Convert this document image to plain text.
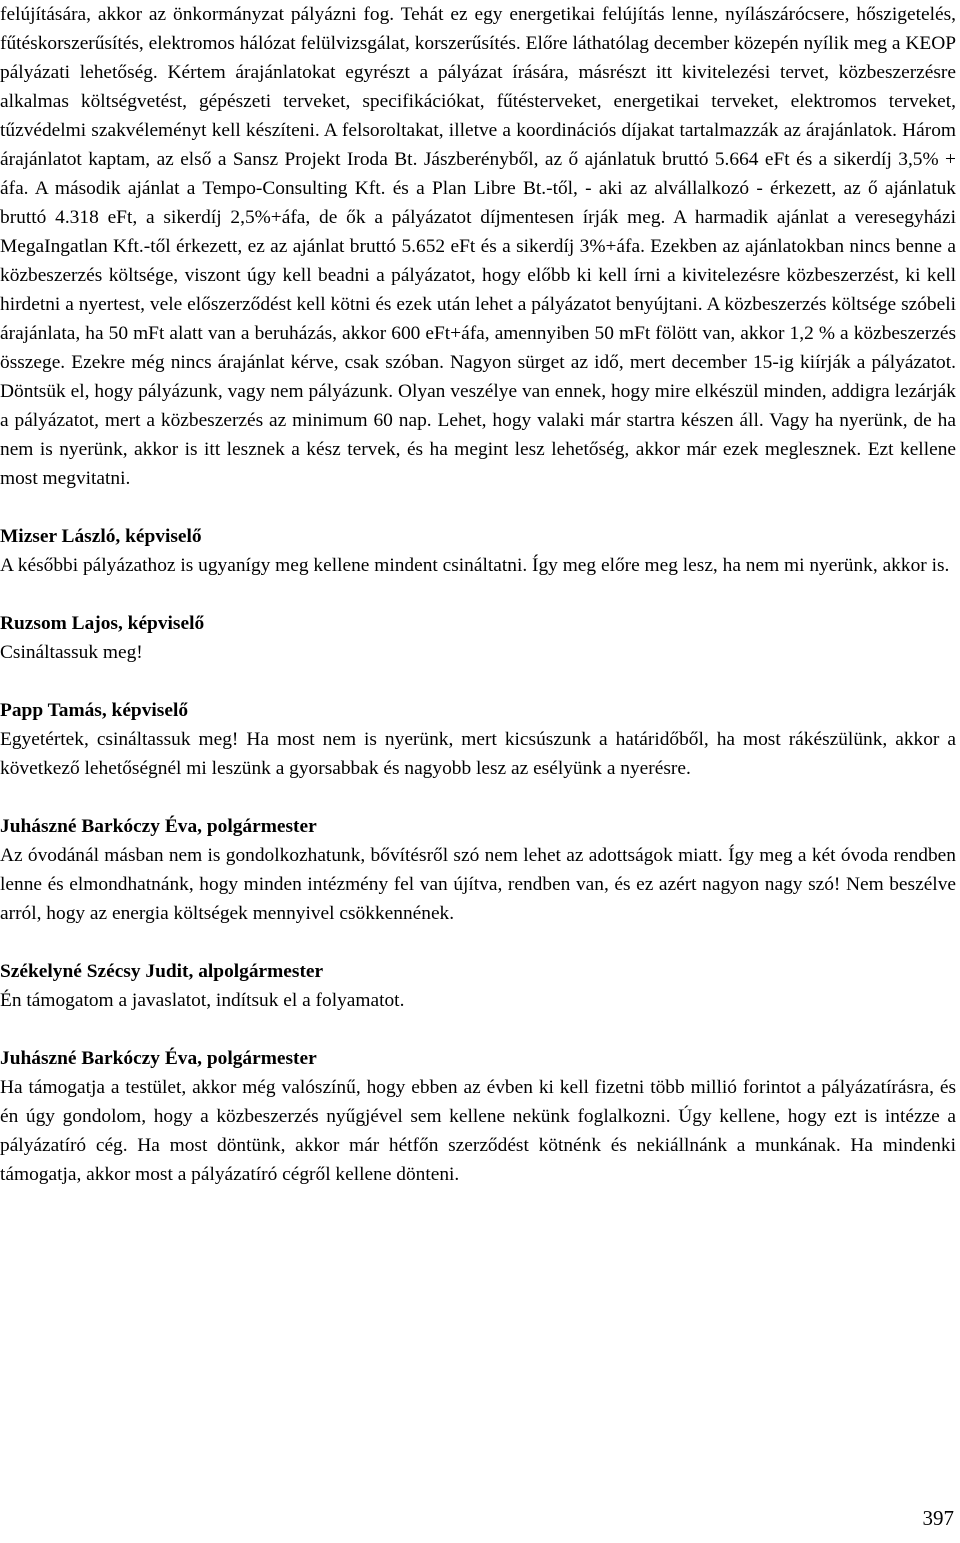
felújítására, akkor az önkormányzat pályázni fog. Tehát ez egy energetikai felújítás lenne, nyílászárócsere, hőszigetelés, fűtéskorszerűsítés, elektromos hálózat felülvizsgálat, korszerűsítés. Előre láthatólag december közepén nyílik meg a KEOP pályázati lehetőség. Kértem árajánlatokat egyrészt a pályázat írására, másrészt itt kivitelezési tervet, közbeszerzésre alkalmas költségvetést, gépészeti terveket, specifikációkat, fűtésterveket, energetikai terveket, elektromos terveket, tűzvédelmi szakvéleményt kell készíteni. A felsoroltakat, illetve a koordinációs díjakat tartalmazzák az árajánlatok. Három árajánlatot kaptam, az első a Sansz Projekt Iroda Bt. Jászberényből, az ő ajánlatuk bruttó 5.664 eFt és a sikerdíj 3,5% + áfa. A második ajánlat a Tempo-Consulting Kft. és a Plan Libre Bt.-től, - aki az alvállalkozó - érkezett, az ő ajánlatuk bruttó 4.318 eFt, a sikerdíj 2,5%+áfa, de ők a pályázatot díjmentesen írják meg. A harmadik ajánlat a veresegyházi MegaIngatlan Kft.-től érkezett, ez az ajánlat bruttó 5.652 eFt és a sikerdíj 3%+áfa. Ezekben az ajánlatokban nincs benne a közbeszerzés költsége, viszont úgy kell beadni a pályázatot, hogy előbb ki kell írni a kivitelezésre közbeszerzést, ki kell hirdetni a nyertest, vele előszerződést kell kötni és ezek után lehet a pályázatot benyújtani. A közbeszerzés költsége szóbeli árajánlata, ha 50 mFt alatt van a beruházás, akkor 600 eFt+áfa, amennyiben 50 mFt fölött van, akkor 1,2 % a közbeszerzés összege. Ezekre még nincs árajánlat kérve, csak szóban. Nagyon sürget az idő, mert december 15-ig kiírják a pályázatot. Döntsük el, hogy pályázunk, vagy nem pályázunk. Olyan veszélye van ennek, hogy mire elkészül minden, addigra lezárják a pályázatot, mert a közbeszerzés az minimum 60 nap. Lehet, hogy valaki már startra készen áll. Vagy ha nyerünk, de ha nem is nyerünk, akkor is itt lesznek a kész tervek, és ha megint lesz lehetőség, akkor már ezek meglesznek. Ezt kellene most megvitatni.

Mizser László, képviselő

A későbbi pályázathoz is ugyanígy meg kellene mindent csináltatni. Így meg előre meg lesz, ha nem mi nyerünk, akkor is.

Ruzsom Lajos, képviselő

Csináltassuk meg!

Papp Tamás, képviselő

Egyetértek, csináltassuk meg! Ha most nem is nyerünk, mert kicsúszunk a határidőből, ha most rákészülünk, akkor a következő lehetőségnél mi leszünk a gyorsabbak és nagyobb lesz az esélyünk a nyerésre.

Juhászné Barkóczy Éva, polgármester

Az óvodánál másban nem is gondolkozhatunk, bővítésről szó nem lehet az adottságok miatt. Így meg a két óvoda rendben lenne és elmondhatnánk, hogy minden intézmény fel van újítva, rendben van, és ez azért nagyon nagy szó! Nem beszélve arról, hogy az energia költségek mennyivel csökkennének.

Székelyné Szécsy Judit, alpolgármester

Én támogatom a javaslatot, indítsuk el a folyamatot.

Juhászné Barkóczy Éva, polgármester

Ha támogatja a testület, akkor még valószínű, hogy ebben az évben ki kell fizetni több millió forintot a pályázatírásra, és én úgy gondolom, hogy a közbeszerzés nyűgjével sem kellene nekünk foglalkozni. Úgy kellene, hogy ezt is intézze a pályázatíró cég. Ha most döntünk, akkor már hétfőn szerződést kötnénk és nekiállnánk a munkának. Ha mindenki támogatja, akkor most a pályázatíró cégről kellene dönteni.

397
